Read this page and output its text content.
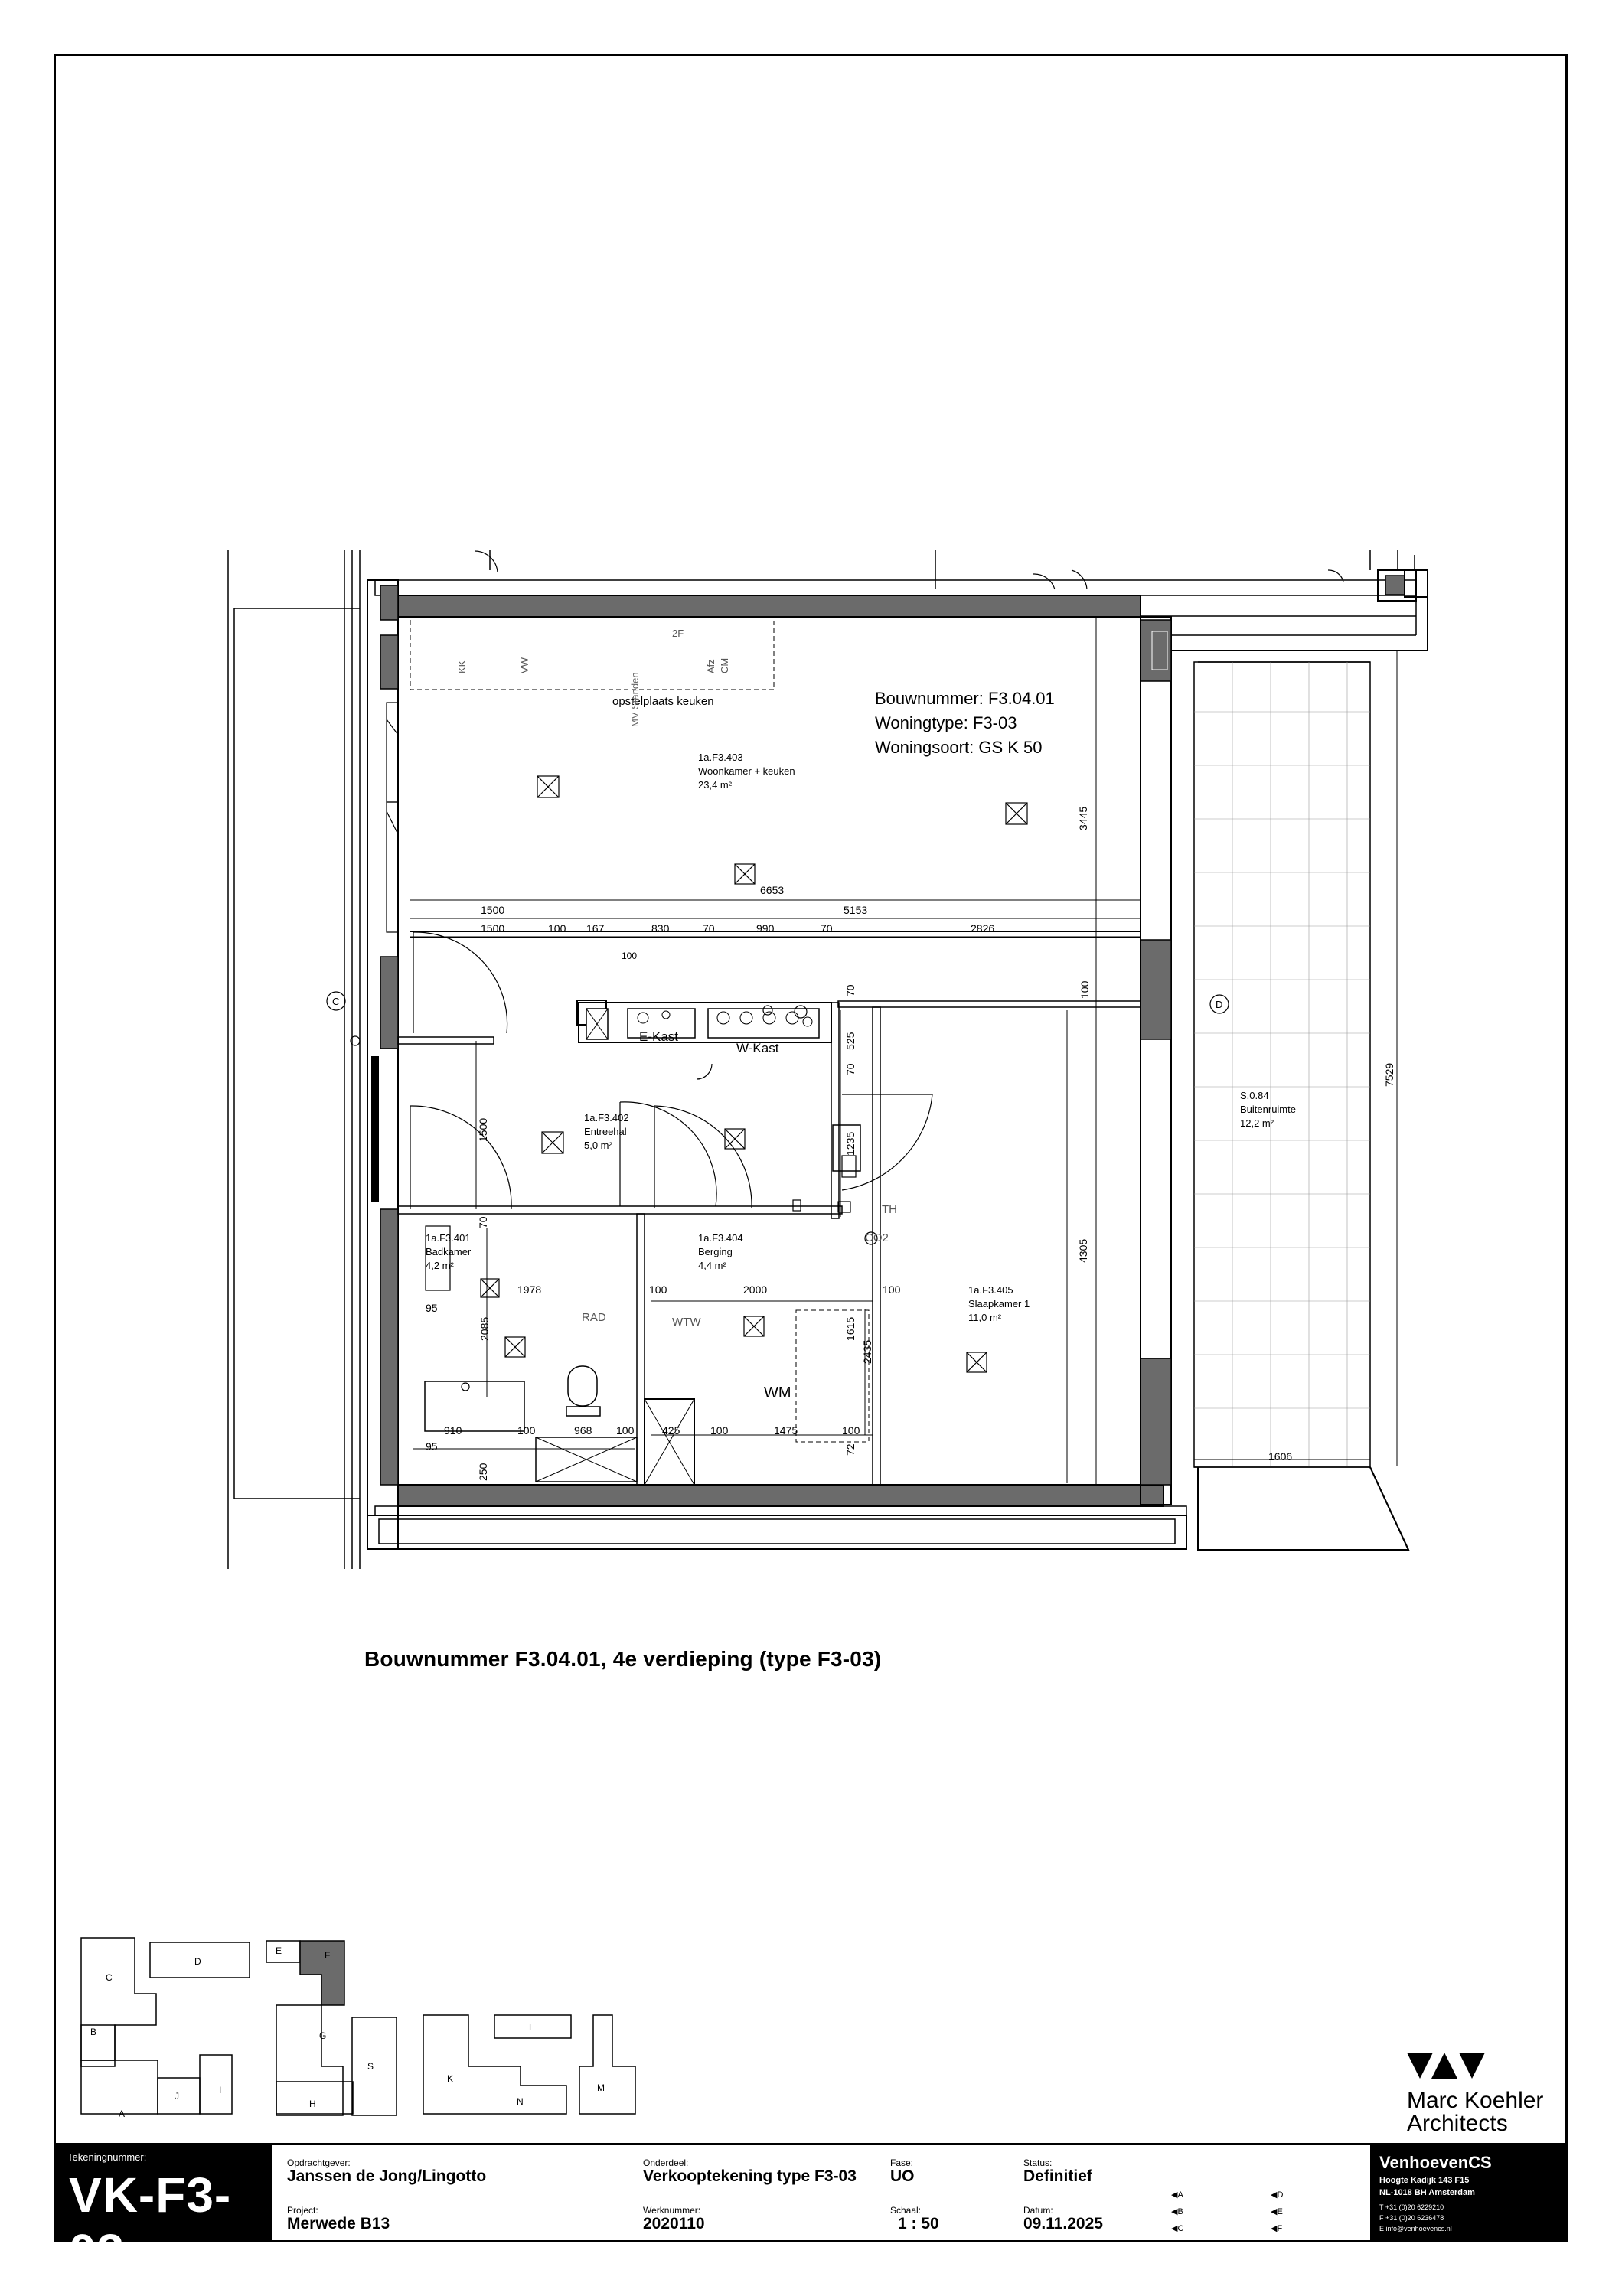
1a.F3.403
Woonkamer + keuken
23,4 m²
1a.F3.402
Entreehal
5,0 m²
1a.F3.401
Badkamer
4,2 m²
1a.F3.404
Berging
4,4 m²
1a.F3.405
Slaapkamer 1
11,0 m²
S.0.84
Buitenruimte
12,2 m²
Bouwnummer: F3.04.01
Woningtype: F3-03
Woningsoort: GS K 50
opstelplaats keuken
E-Kast
W-Kast
WM
RAD	WTW
TH
CO2
2F
C	D
KK	VW	Afz CM
MV Standen
6653
1500	5153
1500	100 167	830	70	990	70	2826
100
3445
4305
7529
1606
1500
1978
2085
95
95
910	100	968 100	425	100	1475	100
250
2000
100	100
1615
2435
525
70
1235
70
70
72
100
A
B
C
D
E	F
G
H
I
J
K
L
M
N
S
Bouwnummer F3.04.01, 4e verdieping (type F3-03)
Marc Koehler
Architects
Tekeningnummer:
VK-F3-03
Opdrachtgever:
Janssen de Jong/Lingotto
Project:
Merwede B13
Onderdeel:
Verkooptekening type F3-03
Werknummer:
2020110
Fase:
UO
Schaal:
1 : 50
Status:
Definitief
Datum:
09.11.2025
◀A
◀B
◀C
◀D
◀E
◀F
VenhoevenCS
Hoogte Kadijk 143 F15
NL-1018 BH Amsterdam
T +31 (0)20 6229210
F +31 (0)20 6236478
E info@venhoevencs.nl
